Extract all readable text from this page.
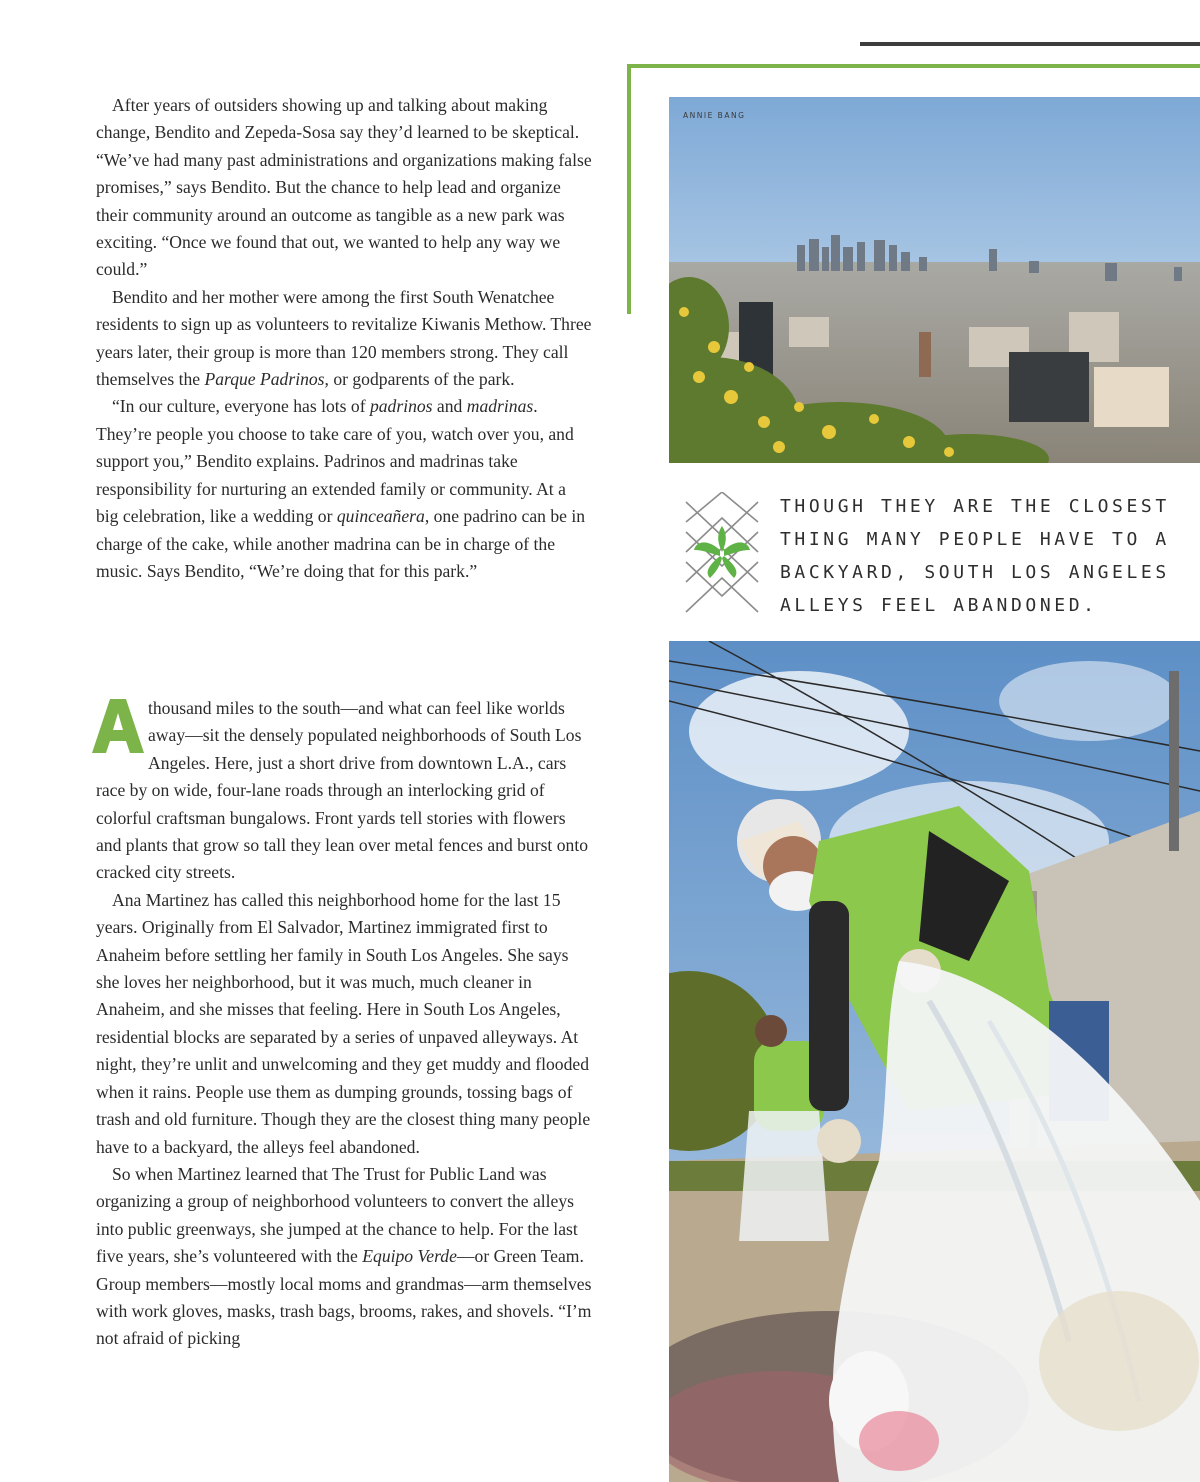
After years of outsiders showing up and talking about making change, Bendito and Zepeda-Sosa say they’d learned to be skeptical. “We’ve had many past administrations and organizations making false promises,” says Bendito. But the chance to help lead and organize their community around an outcome as tangible as a new park was exciting. “Once we found that out, we wanted to help any way we could.”

Bendito and her mother were among the first South Wenatchee residents to sign up as volunteers to revitalize Kiwanis Methow. Three years later, their group is more than 120 members strong. They call themselves the Parque Padrinos, or godparents of the park.

“In our culture, everyone has lots of padrinos and madrinas. They’re people you choose to take care of you, watch over you, and support you,” Bendito explains. Padrinos and madrinas take responsibility for nurturing an extended family or community. At a big celebration, like a wedding or quinceañera, one padrino can be in charge of the cake, while another madrina can be in charge of the music. Says Bendito, “We’re doing that for this park.”

thousand miles to the south—and what can feel like worlds away—sit the densely populated neighborhoods of South Los Angeles. Here, just a short drive from downtown L.A., cars race by on wide, four-lane roads through an interlocking grid of colorful craftsman bungalows. Front yards tell stories with flowers and plants that grow so tall they lean over metal fences and burst onto cracked city streets.

Ana Martinez has called this neighborhood home for the last 15 years. Originally from El Salvador, Martinez immigrated first to Anaheim before settling her family in South Los Angeles. She says she loves her neighborhood, but it was much, much cleaner in Anaheim, and she misses that feeling. Here in South Los Angeles, residential blocks are separated by a series of unpaved alleyways. At night, they’re unlit and unwelcoming and they get muddy and flooded when it rains. People use them as dumping grounds, tossing bags of trash and old furniture. Though they are the closest thing many people have to a backyard, the alleys feel abandoned.

So when Martinez learned that The Trust for Public Land was organizing a group of neighborhood volunteers to convert the alleys into public greenways, she jumped at the chance to help. For the last five years, she’s volunteered with the Equipo Verde—or Green Team. Group members—mostly local moms and grandmas—arm themselves with work gloves, masks, trash bags, brooms, rakes, and shovels. “I’m not afraid of picking

ANNIE BANG
THOUGH THEY ARE THE CLOSEST
THING MANY PEOPLE HAVE TO A
BACKYARD, SOUTH LOS ANGELES
ALLEYS FEEL ABANDONED.
